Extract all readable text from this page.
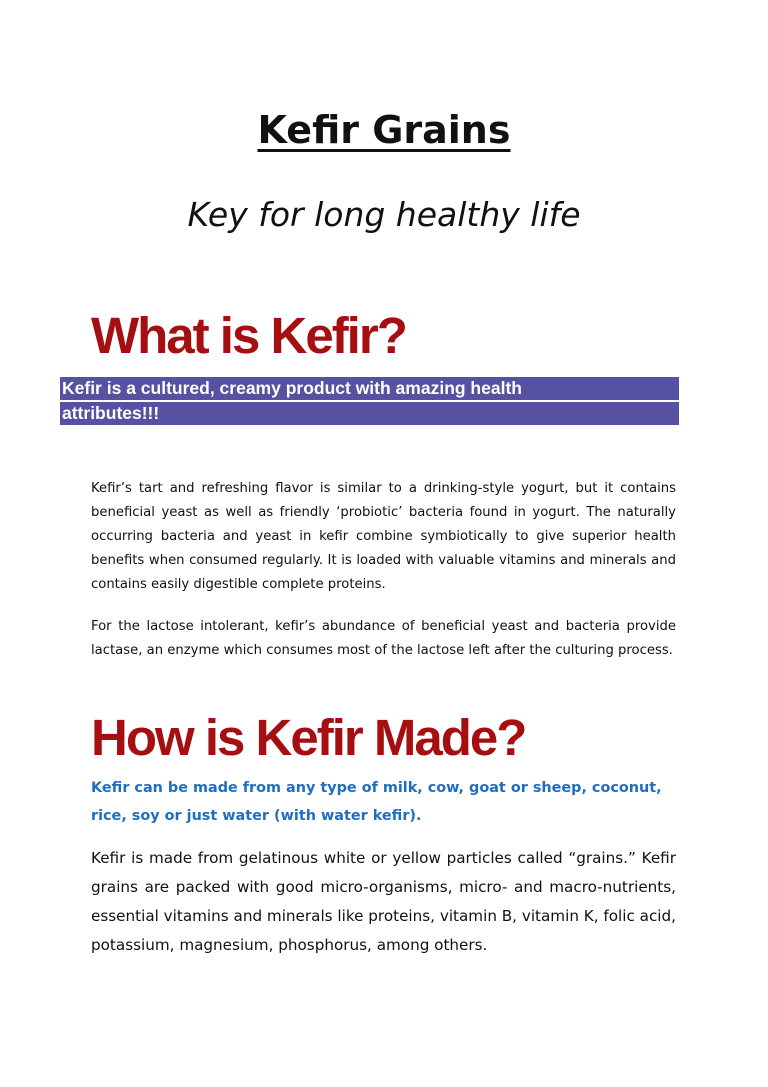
Kefir Grains

Key for long healthy life

What is Kefir?
Kefir is a cultured, creamy product with amazing health
attributes!!!

Kefir’s tart and refreshing flavor is similar to a drinking-style yogurt, but it contains beneficial yeast as well as friendly ‘probiotic’ bacteria found in yogurt. The naturally occurring bacteria and yeast in kefir combine symbiotically to give superior health benefits when consumed regularly. It is loaded with valuable vitamins and minerals and contains easily digestible complete proteins.

For the lactose intolerant, kefir’s abundance of beneficial yeast and bacteria provide lactase, an enzyme which consumes most of the lactose left after the culturing process.

How is Kefir Made?

Kefir can be made from any type of milk, cow, goat or sheep, coconut, rice, soy or just water (with water kefir).

Kefir is made from gelatinous white or yellow particles called “grains.” Kefir grains are packed with good micro-organisms, micro- and macro-nutrients, essential vitamins and minerals like proteins, vitamin B, vitamin K, folic acid, potassium, magnesium, phosphorus, among others.
